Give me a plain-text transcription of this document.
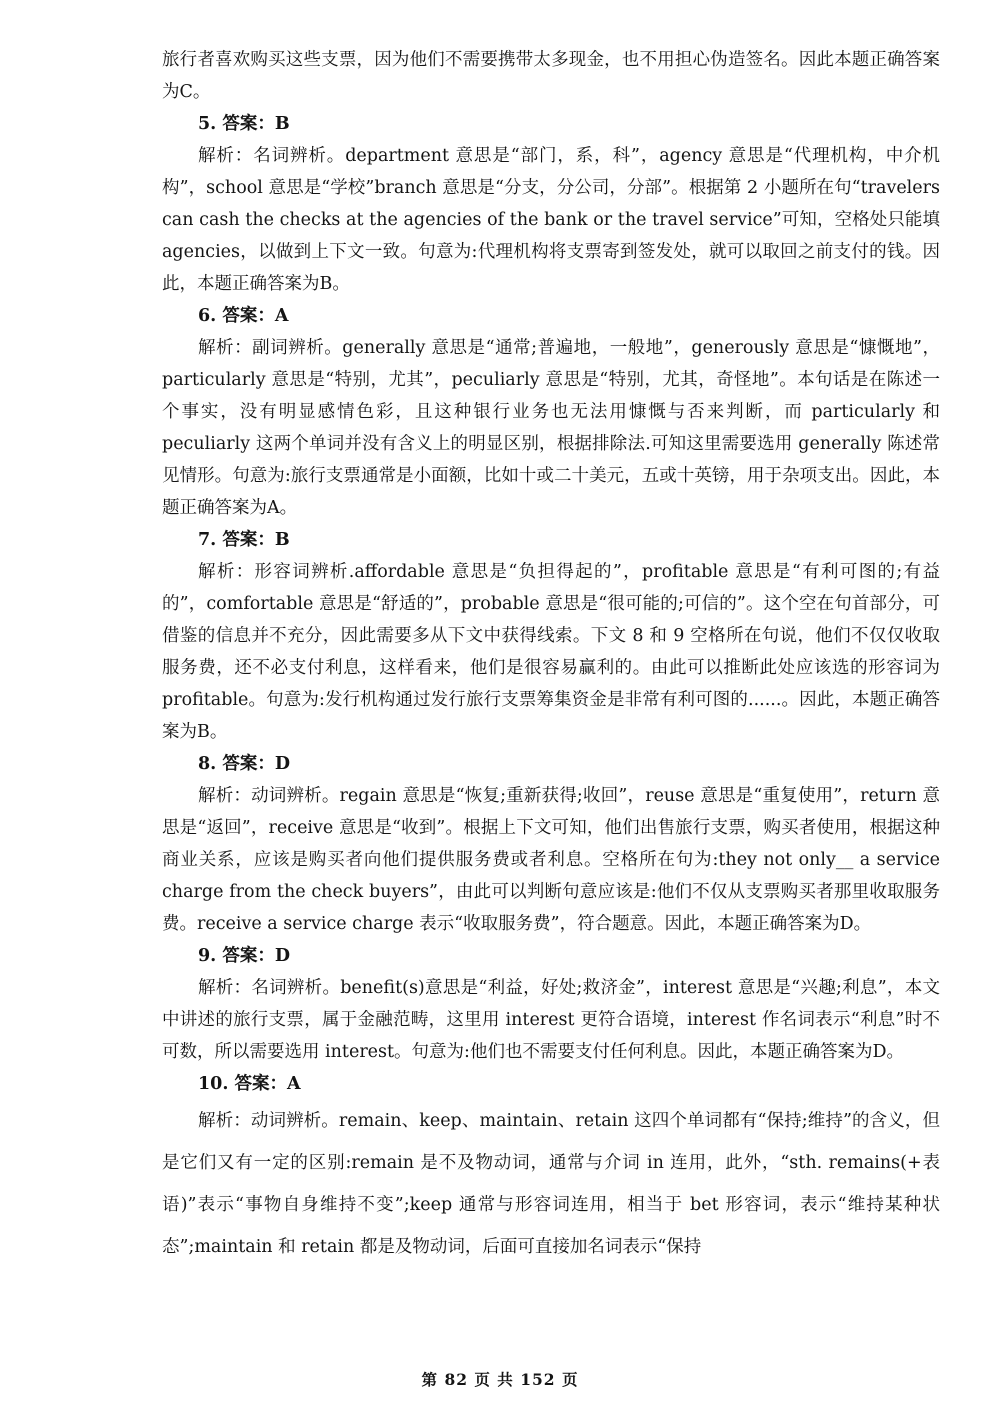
旅行者喜欢购买这些支票，因为他们不需要携带太多现金，也不用担心伪造签名。因此本题正确答案为C。

5. 答案：B

解析：名词辨析。department 意思是“部门，系，科”，agency 意思是“代理机构，中介机构”，school 意思是“学校”branch 意思是“分支，分公司，分部”。根据第 2 小题所在句“travelers can cash the checks at the agencies of the bank or the travel service”可知，空格处只能填 agencies，以做到上下文一致。句意为:代理机构将支票寄到签发处，就可以取回之前支付的钱。因此，本题正确答案为B。

6. 答案：A

解析：副词辨析。generally 意思是“通常;普遍地，一般地”，generously 意思是“慷慨地”，particularly 意思是“特别，尤其”，peculiarly 意思是“特别，尤其，奇怪地”。本句话是在陈述一个事实，没有明显感情色彩，且这种银行业务也无法用慷慨与否来判断，而 particularly 和 peculiarly 这两个单词并没有含义上的明显区别，根据排除法.可知这里需要选用 generally 陈述常见情形。句意为:旅行支票通常是小面额，比如十或二十美元，五或十英镑，用于杂项支出。因此，本题正确答案为A。

7. 答案：B

解析：形容词辨析.affordable 意思是“负担得起的”，profitable 意思是“有利可图的;有益的”，comfortable 意思是“舒适的”，probable 意思是“很可能的;可信的”。这个空在句首部分，可借鉴的信息并不充分，因此需要多从下文中获得线索。下文 8 和 9 空格所在句说，他们不仅仅收取服务费，还不必支付利息，这样看来，他们是很容易赢利的。由此可以推断此处应该选的形容词为 profitable。句意为:发行机构通过发行旅行支票筹集资金是非常有利可图的......。因此，本题正确答案为B。

8. 答案：D

解析：动词辨析。regain 意思是“恢复;重新获得;收回”，reuse 意思是“重复使用”，return 意思是“返回”，receive 意思是“收到”。根据上下文可知，他们出售旅行支票，购买者使用，根据这种商业关系，应该是购买者向他们提供服务费或者利息。空格所在句为:they not only__ a service charge from the check buyers”，由此可以判断句意应该是:他们不仅从支票购买者那里收取服务费。receive a service charge 表示“收取服务费”，符合题意。因此，本题正确答案为D。

9. 答案：D

解析：名词辨析。benefit(s)意思是“利益，好处;救济金”，interest 意思是“兴趣;利息”，本文中讲述的旅行支票，属于金融范畴，这里用 interest 更符合语境，interest 作名词表示“利息”时不可数，所以需要选用 interest。句意为:他们也不需要支付任何利息。因此，本题正确答案为D。

10. 答案：A

解析：动词辨析。remain、keep、maintain、retain 这四个单词都有“保持;维持”的含义，但是它们又有一定的区别:remain 是不及物动词，通常与介词 in 连用，此外，“sth. remains(+表语)”表示“事物自身维持不变”;keep 通常与形容词连用，相当于 bet 形容词，表示“维持某种状态”;maintain 和 retain 都是及物动词，后面可直接加名词表示“保持

第 82 页 共 152 页
